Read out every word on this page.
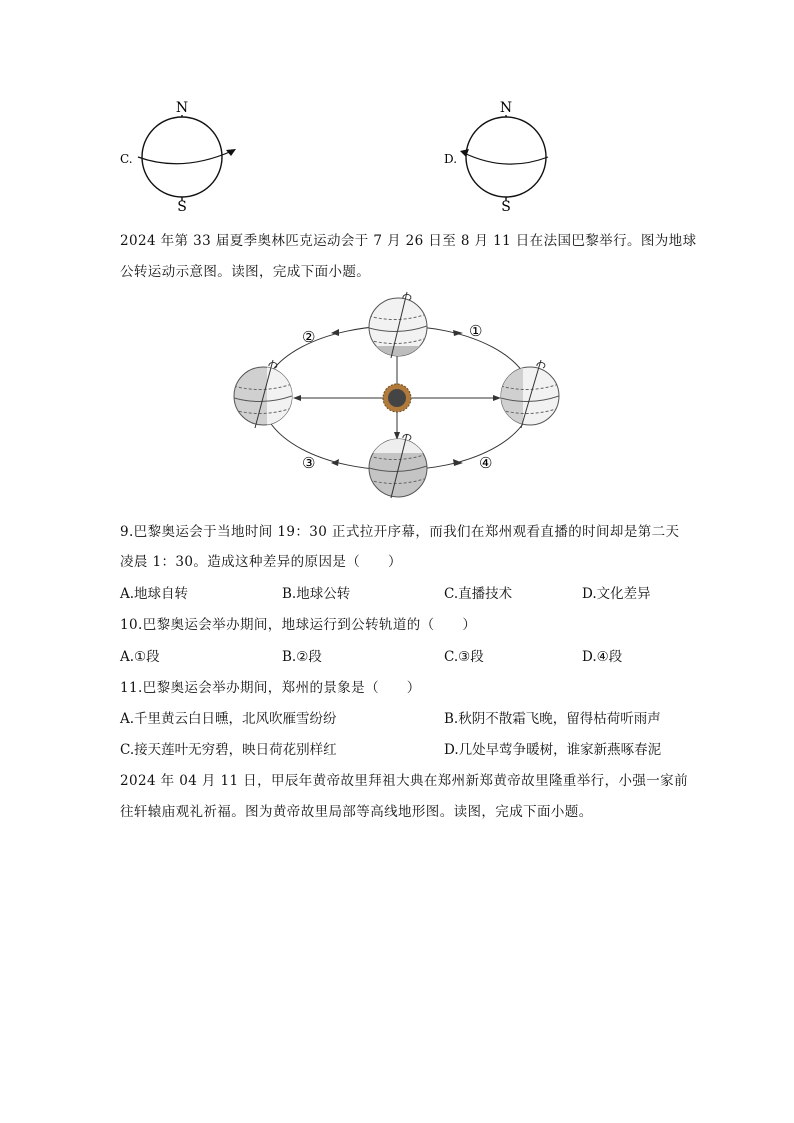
N
C.
S
N
D.
S
2024 年第 33 届夏季奥林匹克运动会于 7 月 26 日至 8 月 11 日在法国巴黎举行。图为地球
公转运动示意图。读图，完成下面小题。
①
②
③	④
9.巴黎奥运会于当地时间 19：30 正式拉开序幕，而我们在郑州观看直播的时间却是第二天
凌晨 1：30。造成这种差异的原因是（　　）
A.地球自转	B.地球公转	C.直播技术	D.文化差异
10.巴黎奥运会举办期间，地球运行到公转轨道的（　　）
A.①段	B.②段	C.③段	D.④段
11.巴黎奥运会举办期间，郑州的景象是（　　）
A.千里黄云白日曛，北风吹雁雪纷纷	B.秋阴不散霜飞晚，留得枯荷听雨声
C.接天莲叶无穷碧，映日荷花别样红	D.几处早莺争暖树，谁家新燕啄春泥
2024 年 04 月 11 日，甲辰年黄帝故里拜祖大典在郑州新郑黄帝故里隆重举行，小强一家前
往轩辕庙观礼祈福。图为黄帝故里局部等高线地形图。读图，完成下面小题。
